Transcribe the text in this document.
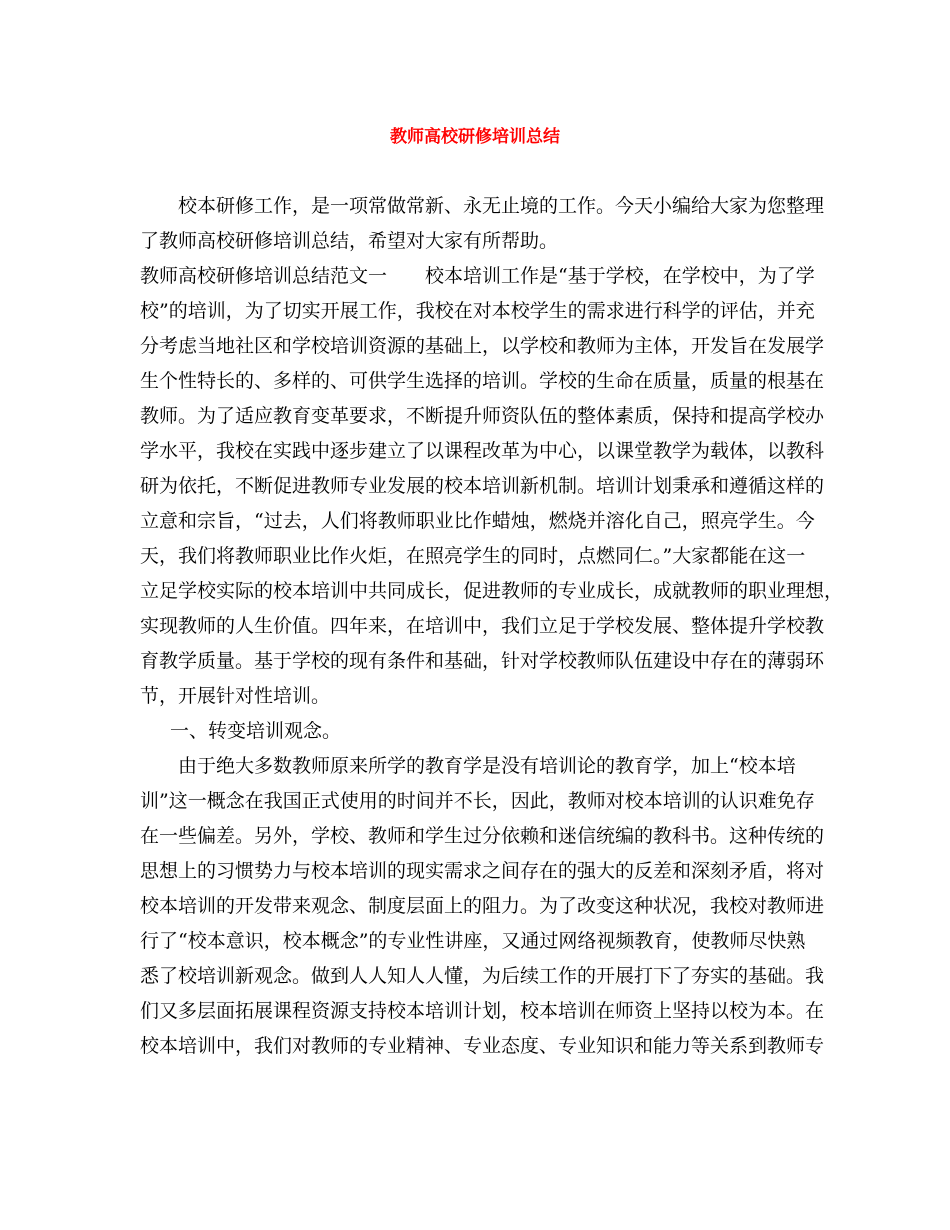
教师高校研修培训总结
校本研修工作，是一项常做常新、永无止境的工作。今天小编给大家为您整理
了教师高校研修培训总结，希望对大家有所帮助。
教师高校研修培训总结范文一　　校本培训工作是“基于学校，在学校中，为了学
校”的培训，为了切实开展工作，我校在对本校学生的需求进行科学的评估，并充
分考虑当地社区和学校培训资源的基础上，以学校和教师为主体，开发旨在发展学
生个性特长的、多样的、可供学生选择的培训。学校的生命在质量，质量的根基在
教师。为了适应教育变革要求，不断提升师资队伍的整体素质，保持和提高学校办
学水平，我校在实践中逐步建立了以课程改革为中心，以课堂教学为载体，以教科
研为依托，不断促进教师专业发展的校本培训新机制。培训计划秉承和遵循这样的
立意和宗旨，“过去，人们将教师职业比作蜡烛，燃烧并溶化自己，照亮学生。今
天，我们将教师职业比作火炬，在照亮学生的同时，点燃同仁。”大家都能在这一
立足学校实际的校本培训中共同成长，促进教师的专业成长，成就教师的职业理想，
实现教师的人生价值。四年来，在培训中，我们立足于学校发展、整体提升学校教
育教学质量。基于学校的现有条件和基础，针对学校教师队伍建设中存在的薄弱环
节，开展针对性培训。
一、转变培训观念。
由于绝大多数教师原来所学的教育学是没有培训论的教育学，加上“校本培
训”这一概念在我国正式使用的时间并不长，因此，教师对校本培训的认识难免存
在一些偏差。另外，学校、教师和学生过分依赖和迷信统编的教科书。这种传统的
思想上的习惯势力与校本培训的现实需求之间存在的强大的反差和深刻矛盾，将对
校本培训的开发带来观念、制度层面上的阻力。为了改变这种状况，我校对教师进
行了“校本意识，校本概念”的专业性讲座，又通过网络视频教育，使教师尽快熟
悉了校培训新观念。做到人人知人人懂，为后续工作的开展打下了夯实的基础。我
们又多层面拓展课程资源支持校本培训计划，校本培训在师资上坚持以校为本。在
校本培训中，我们对教师的专业精神、专业态度、专业知识和能力等关系到教师专
